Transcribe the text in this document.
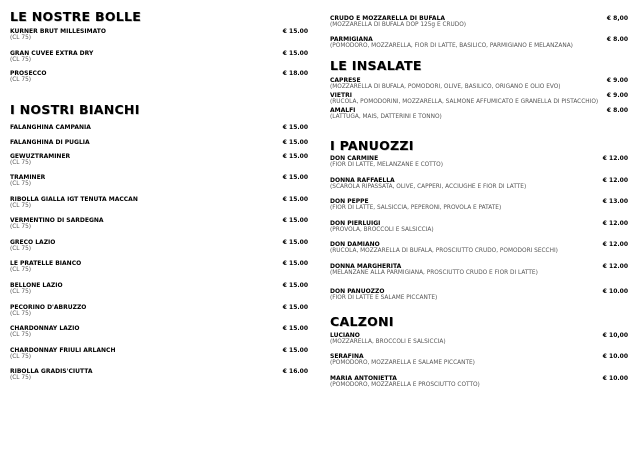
LE NOSTRE BOLLE
KURNER BRUT MILLESIMATO	€ 15.00
(CL 75)
GRAN CUVEE EXTRA DRY	€ 15.00
(CL 75)
PROSECCO	€ 18.00
(CL 75)
I NOSTRI BIANCHI
FALANGHINA CAMPANIA	€ 15.00
FALANGHINA DI PUGLIA	€ 15.00
GEWUZTRAMINER	€ 15.00
(CL 75)
TRAMINER	€ 15.00
(CL 75)
RIBOLLA GIALLA IGT TENUTA MACCAN	€ 15.00
(CL 75)
VERMENTINO DI SARDEGNA	€ 15.00
(CL 75)
GRECO LAZIO	€ 15.00
(CL 75)
LE PRATELLE BIANCO	€ 15.00
(CL 75)
BELLONE LAZIO	€ 15.00
(CL 75)
PECORINO D'ABRUZZO	€ 15.00
(CL 75)
CHARDONNAY LAZIO	€ 15.00
(CL 75)
CHARDONNAY FRIULI ARLANCH	€ 15.00
(CL 75)
RIBOLLA GRADIS'CIUTTA	€ 16.00
(CL 75)
CRUDO E MOZZARELLA DI BUFALA	€ 8,00
(MOZZARELLA DI BUFALA DOP 125g E CRUDO)
PARMIGIANA	€ 8.00
(POMODORO, MOZZARELLA, FIOR DI LATTE, BASILICO, PARMIGIANO E MELANZANA)
LE INSALATE
CAPRESE	€ 9.00
(MOZZARELLA DI BUFALA, POMODORI, OLIVE, BASILICO, ORIGANO E OLIO EVO)
VIETRI	€ 9.00
(RUCOLA, POMODORINI, MOZZARELLA, SALMONE AFFUMICATO E GRANELLA DI PISTACCHIO)
AMALFI	€ 8.00
(LATTUGA, MAIS, DATTERINI E TONNO)
I PANUOZZI
DON CARMINE	€ 12.00
(FIOR DI LATTE, MELANZANE E COTTO)
DONNA RAFFAELLA	€ 12.00
(SCAROLA RIPASSATA, OLIVE, CAPPERI, ACCIUGHE E FIOR DI LATTE)
DON PEPPE	€ 13.00
(FIOR DI LATTE, SALSICCIA, PEPERONI, PROVOLA E PATATE)
DON PIERLUIGI	€ 12.00
(PROVOLA, BROCCOLI E SALSICCIA)
DON DAMIANO	€ 12.00
(RUCOLA, MOZZARELLA DI BUFALA, PROSCIUTTO CRUDO, POMODORI SECCHI)
DONNA MARGHERITA	€ 12.00
(MELANZANE ALLA PARMIGIANA, PROSCIUTTO CRUDO E FIOR DI LATTE)
DON PANUOZZO	€ 10.00
(FIOR DI LATTE E SALAME PICCANTE)
CALZONI
LUCIANO	€ 10,00
(MOZZARELLA, BROCCOLI E SALSICCIA)
SERAFINA	€ 10.00
(POMODORO, MOZZARELLA E SALAME PICCANTE)
MARIA ANTONIETTA	€ 10.00
(POMODORO, MOZZARELLA E PROSCIUTTO COTTO)
